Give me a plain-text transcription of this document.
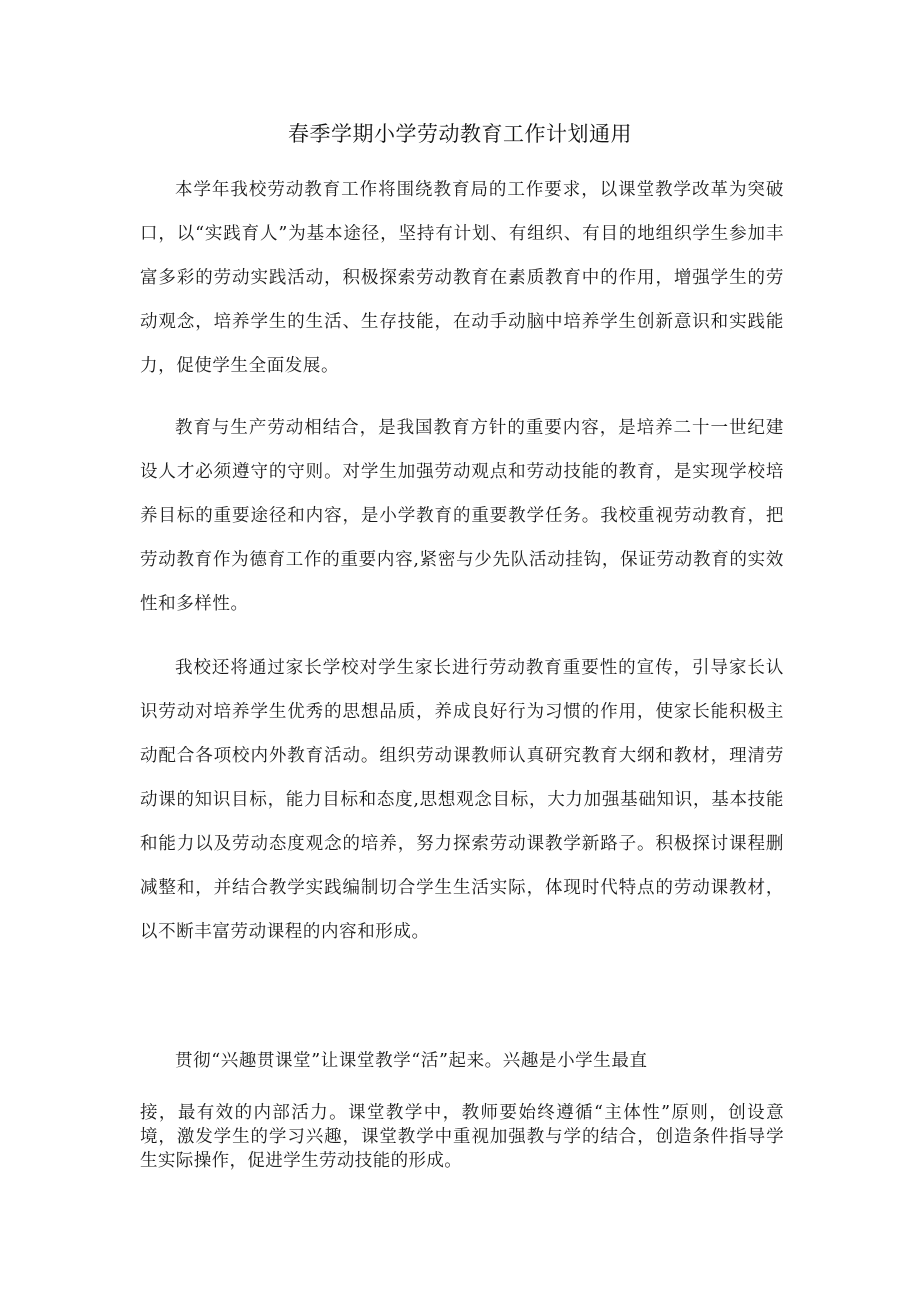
春季学期小学劳动教育工作计划通用

本学年我校劳动教育工作将围绕教育局的工作要求，以课堂教学改革为突破口，以“实践育人”为基本途径，坚持有计划、有组织、有目的地组织学生参加丰富多彩的劳动实践活动，积极探索劳动教育在素质教育中的作用，增强学生的劳动观念，培养学生的生活、生存技能，在动手动脑中培养学生创新意识和实践能力，促使学生全面发展。

教育与生产劳动相结合，是我国教育方针的重要内容，是培养二十一世纪建设人才必须遵守的守则。对学生加强劳动观点和劳动技能的教育，是实现学校培养目标的重要途径和内容，是小学教育的重要教学任务。我校重视劳动教育，把劳动教育作为德育工作的重要内容,紧密与少先队活动挂钩，保证劳动教育的实效性和多样性。

我校还将通过家长学校对学生家长进行劳动教育重要性的宣传，引导家长认识劳动对培养学生优秀的思想品质，养成良好行为习惯的作用，使家长能积极主动配合各项校内外教育活动。组织劳动课教师认真研究教育大纲和教材，理清劳动课的知识目标，能力目标和态度,思想观念目标，大力加强基础知识，基本技能和能力以及劳动态度观念的培养，努力探索劳动课教学新路子。积极探讨课程删减整和，并结合教学实践编制切合学生生活实际，体现时代特点的劳动课教材，以不断丰富劳动课程的内容和形成。

贯彻“兴趣贯课堂”让课堂教学“活”起来。兴趣是小学生最直

接，最有效的内部活力。课堂教学中，教师要始终遵循“主体性”原则，创设意境，激发学生的学习兴趣，课堂教学中重视加强教与学的结合，创造条件指导学生实际操作，促进学生劳动技能的形成。
